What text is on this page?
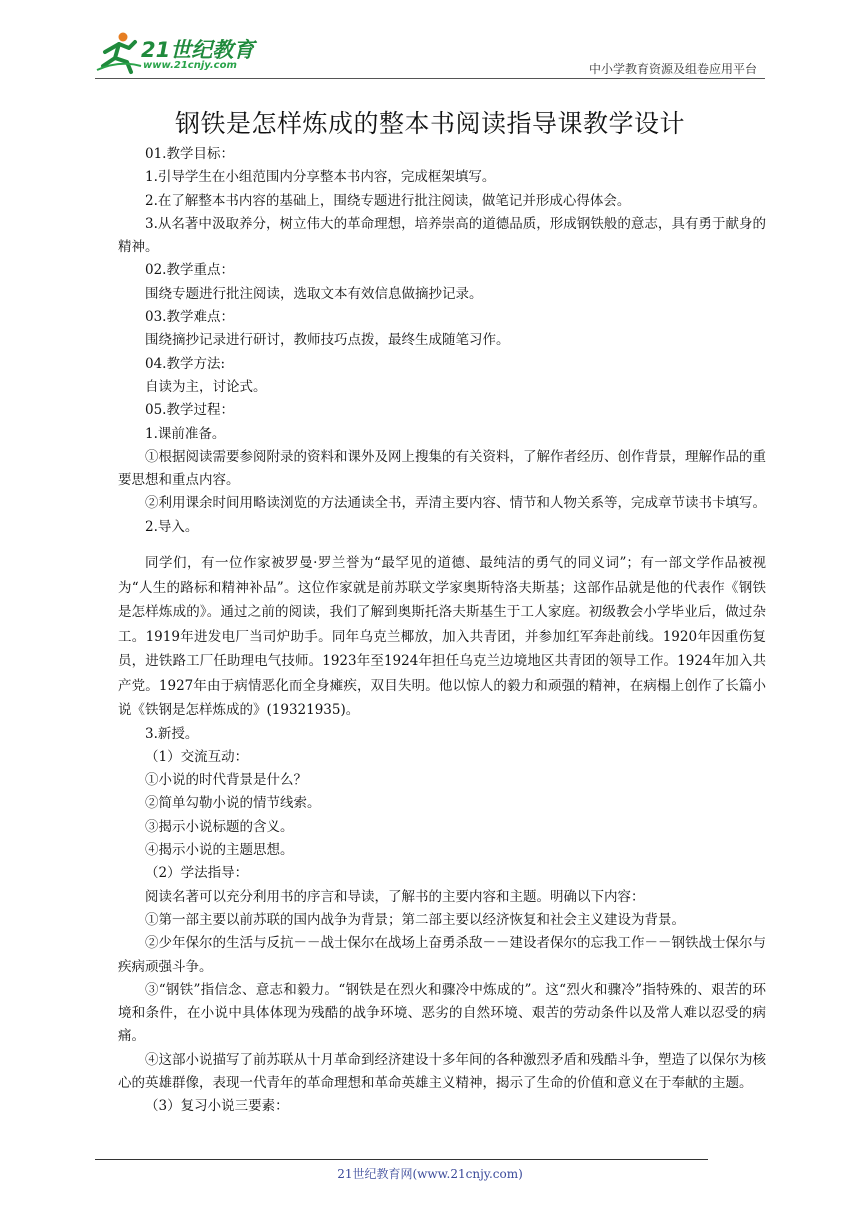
21世纪教育
www.21cnjy.com	中小学教育资源及组卷应用平台
钢铁是怎样炼成的整本书阅读指导课教学设计

01.教学目标：

1.引导学生在小组范围内分享整本书内容，完成框架填写。

2.在了解整本书内容的基础上，围绕专题进行批注阅读，做笔记并形成心得体会。

3.从名著中汲取养分，树立伟大的革命理想，培养崇高的道德品质，形成钢铁般的意志，具有勇于献身的精神。

02.教学重点：

围绕专题进行批注阅读，选取文本有效信息做摘抄记录。

03.教学难点：

围绕摘抄记录进行研讨，教师技巧点拨，最终生成随笔习作。

04.教学方法:

自读为主，讨论式。

05.教学过程：

1.课前准备。

①根据阅读需要参阅附录的资料和课外及网上搜集的有关资料，了解作者经历、创作背景，理解作品的重要思想和重点内容。

②利用课余时间用略读浏览的方法通读全书，弄清主要内容、情节和人物关系等，完成章节读书卡填写。

2.导入。

同学们，有一位作家被罗曼·罗兰誉为“最罕见的道德、最纯洁的勇气的同义词”；有一部文学作品被视为“人生的路标和精神补品”。这位作家就是前苏联文学家奥斯特洛夫斯基；这部作品就是他的代表作《钢铁是怎样炼成的》。通过之前的阅读，我们了解到奥斯托洛夫斯基生于工人家庭。初级教会小学毕业后，做过杂工。1919年进发电厂当司炉助手。同年乌克兰椰放，加入共青团，并参加红军奔赴前线。1920年因重伤复员，进铁路工厂任助理电气技师。1923年至1924年担任乌克兰边境地区共青团的领导工作。1924年加入共产党。1927年由于病情恶化而全身瘫疾，双目失明。他以惊人的毅力和顽强的精神，在病榻上创作了长篇小说《铁钢是怎样炼成的》(19321935)。

3.新授。

（1）交流互动：

①小说的时代背景是什么？

②简单勾勒小说的情节线索。

③揭示小说标题的含义。

④揭示小说的主题思想。

（2）学法指导：

阅读名著可以充分利用书的序言和导读，了解书的主要内容和主题。明确以下内容：

①第一部主要以前苏联的国内战争为背景；第二部主要以经济恢复和社会主义建设为背景。

②少年保尔的生活与反抗－－战士保尔在战场上奋勇杀敌－－建设者保尔的忘我工作－－钢铁战士保尔与疾病顽强斗争。

③“钢铁”指信念、意志和毅力。“钢铁是在烈火和骤冷中炼成的”。这“烈火和骤冷”指特殊的、艰苦的环境和条件，在小说中具体体现为残酷的战争环境、恶劣的自然环境、艰苦的劳动条件以及常人难以忍受的病痛。

④这部小说描写了前苏联从十月革命到经济建设十多年间的各种激烈矛盾和残酷斗争，塑造了以保尔为核心的英雄群像，表现一代青年的革命理想和革命英雄主义精神，揭示了生命的价值和意义在于奉献的主题。

（3）复习小说三要素：

21世纪教育网(www.21cnjy.com)
